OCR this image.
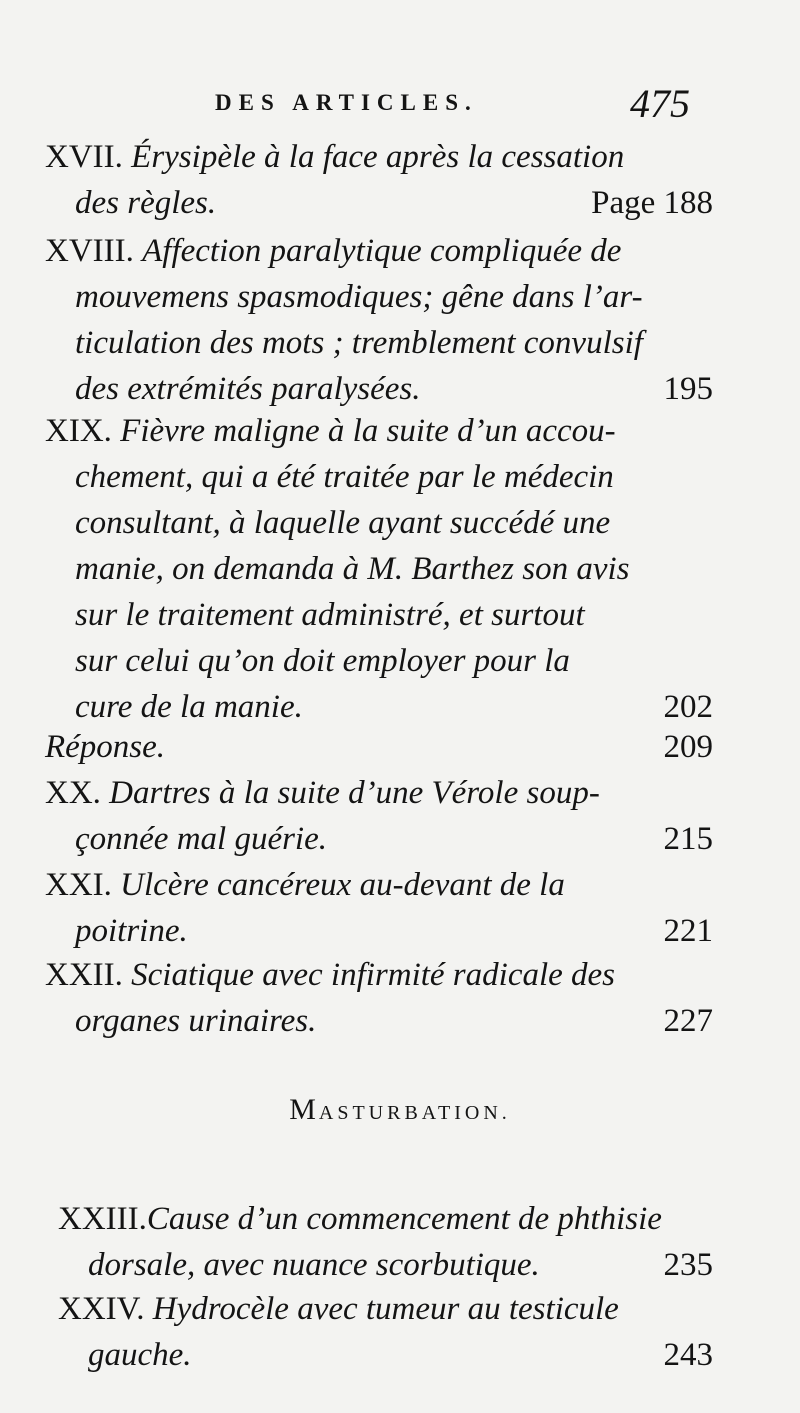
DES ARTICLES.	475
XVII. Érysipèle à la face après la cessation
des règles.	Page 188
XVIII. Affection paralytique compliquée de
mouvemens spasmodiques; gêne dans l’ar-
ticulation des mots ; tremblement convulsif
des extrémités paralysées.	195
XIX. Fièvre maligne à la suite d’un accou-
chement, qui a été traitée par le médecin
consultant, à laquelle ayant succédé une
manie, on demanda à M. Barthez son avis
sur le traitement administré, et surtout
sur celui qu’on doit employer pour la
cure de la manie.	202
Réponse.	209
XX. Dartres à la suite d’une Vérole soup-
çonnée mal guérie.	215
XXI. Ulcère cancéreux au-devant de la
poitrine.	221
XXII. Sciatique avec infirmité radicale des
organes urinaires.	227
MASTURBATION.
XXIII.Cause d’un commencement de phthisie
dorsale, avec nuance scorbutique.	235
XXIV. Hydrocèle avec tumeur au testicule
gauche.	243
